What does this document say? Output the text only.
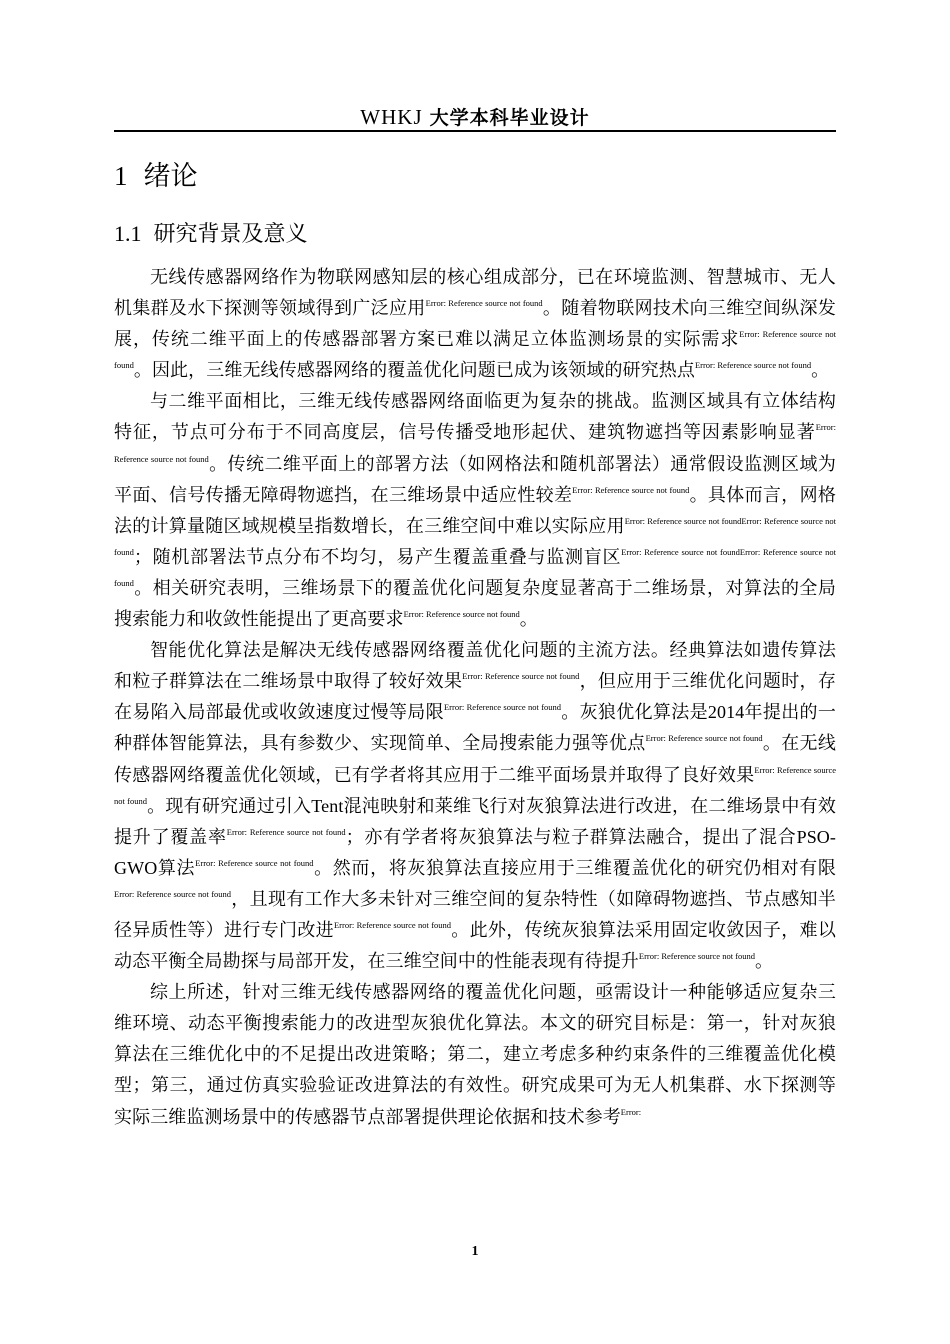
WHKJ 大学本科毕业设计
1 绪论
1.1 研究背景及意义

无线传感器网络作为物联网感知层的核心组成部分，已在环境监测、智慧城市、无人机集群及水下探测等领域得到广泛应用$^{Error: Reference source not found}$。随着物联网技术向三维空间纵深发展，传统二维平面上的传感器部署方案已难以满足立体监测场景的实际需求$^{Error: Reference source not found}$。因此，三维无线传感器网络的覆盖优化问题已成为该领域的研究热点$^{Error: Reference source not found}$。

与二维平面相比，三维无线传感器网络面临更为复杂的挑战。监测区域具有立体结构特征，节点可分布于不同高度层，信号传播受地形起伏、建筑物遮挡等因素影响显著$^{Error: Reference source not found}$。传统二维平面上的部署方法（如网格法和随机部署法）通常假设监测区域为平面、信号传播无障碍物遮挡，在三维场景中适应性较差$^{Error: Reference source not found}$。具体而言，网格法的计算量随区域规模呈指数增长，在三维空间中难以实际应用$^{Error: Reference source not foundError: Reference source not found}$；随机部署法节点分布不均匀，易产生覆盖重叠与监测盲区$^{Error: Reference source not foundError: Reference source not found}$。相关研究表明，三维场景下的覆盖优化问题复杂度显著高于二维场景，对算法的全局搜索能力和收敛性能提出了更高要求$^{Error: Reference source not found}$。

智能优化算法是解决无线传感器网络覆盖优化问题的主流方法。经典算法如遗传算法和粒子群算法在二维场景中取得了较好效果$^{Error: Reference source not found}$，但应用于三维优化问题时，存在易陷入局部最优或收敛速度过慢等局限$^{Error: Reference source not found}$。灰狼优化算法是2014年提出的一种群体智能算法，具有参数少、实现简单、全局搜索能力强等优点$^{Error: Reference source not found}$。在无线传感器网络覆盖优化领域，已有学者将其应用于二维平面场景并取得了良好效果$^{Error: Reference source not found}$。现有研究通过引入Tent混沌映射和莱维飞行对灰狼算法进行改进，在二维场景中有效提升了覆盖率$^{Error: Reference source not found}$；亦有学者将灰狼算法与粒子群算法融合，提出了混合PSO-GWO算法$^{Error: Reference source not found}$。然而，将灰狼算法直接应用于三维覆盖优化的研究仍相对有限$^{Error: Reference source not found}$，且现有工作大多未针对三维空间的复杂特性（如障碍物遮挡、节点感知半径异质性等）进行专门改进$^{Error: Reference source not found}$。此外，传统灰狼算法采用固定收敛因子，难以动态平衡全局勘探与局部开发，在三维空间中的性能表现有待提升$^{Error: Reference source not found}$。

综上所述，针对三维无线传感器网络的覆盖优化问题，亟需设计一种能够适应复杂三维环境、动态平衡搜索能力的改进型灰狼优化算法。本文的研究目标是：第一，针对灰狼算法在三维优化中的不足提出改进策略；第二，建立考虑多种约束条件的三维覆盖优化模型；第三，通过仿真实验验证改进算法的有效性。研究成果可为无人机集群、水下探测等实际三维监测场景中的传感器节点部署提供理论依据和技术参考$^{Error:}$

1
